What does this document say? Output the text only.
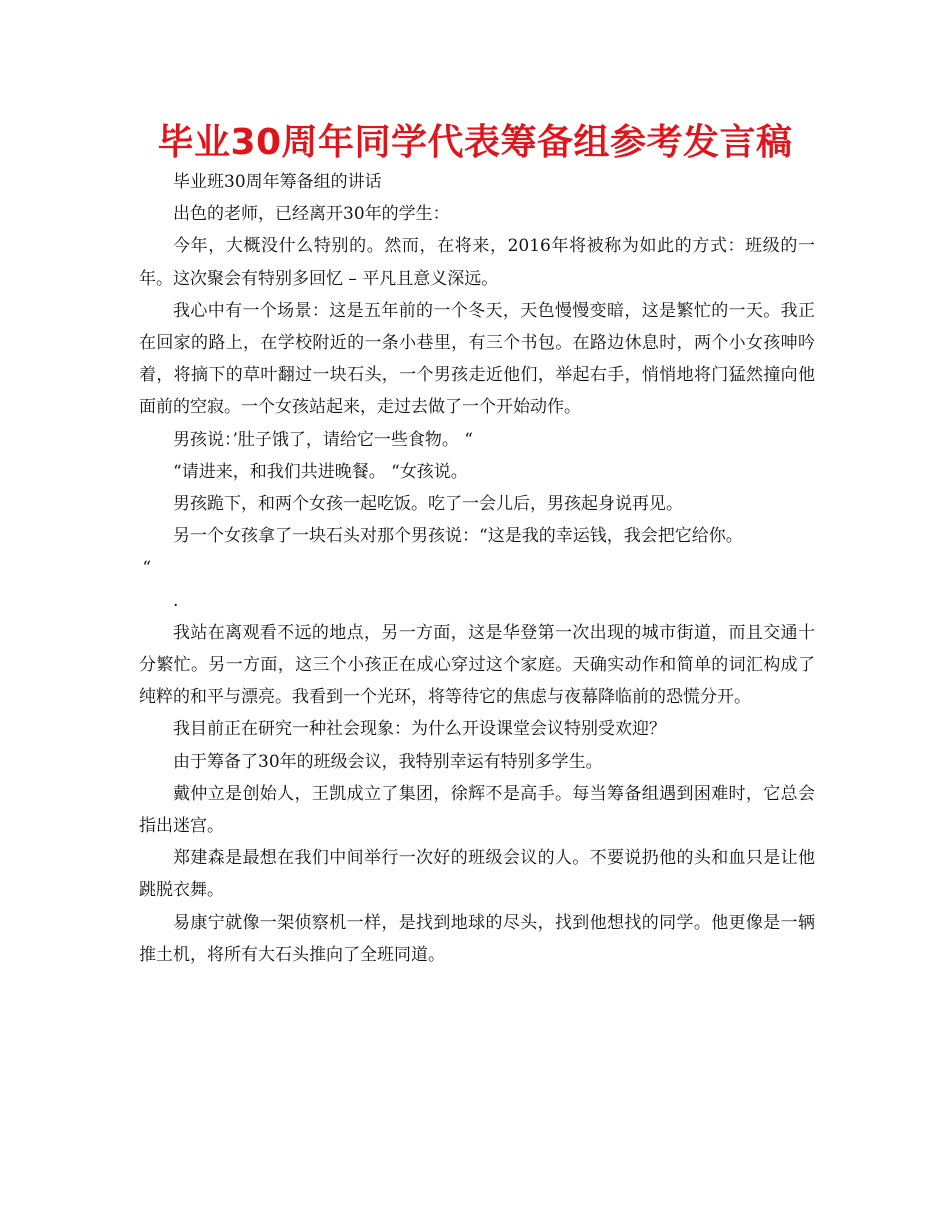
毕业30周年同学代表筹备组参考发言稿

毕业班30周年筹备组的讲话

出色的老师，已经离开30年的学生：

今年，大概没什么特别的。然而，在将来，2016年将被称为如此的方式：班级的一年。这次聚会有特别多回忆 – 平凡且意义深远。

我心中有一个场景：这是五年前的一个冬天，天色慢慢变暗，这是繁忙的一天。我正在回家的路上，在学校附近的一条小巷里，有三个书包。在路边休息时，两个小女孩呻吟着，将摘下的草叶翻过一块石头，一个男孩走近他们，举起右手，悄悄地将门猛然撞向他面前的空寂。一个女孩站起来，走过去做了一个开始动作。

男孩说：’肚子饿了，请给它一些食物。 “

“请进来，和我们共进晚餐。 “女孩说。

男孩跪下，和两个女孩一起吃饭。吃了一会儿后，男孩起身说再见。

另一个女孩拿了一块石头对那个男孩说：“这是我的幸运钱，我会把它给你。

“

.

我站在离观看不远的地点，另一方面，这是华登第一次出现的城市街道，而且交通十分繁忙。另一方面，这三个小孩正在成心穿过这个家庭。天确实动作和简单的词汇构成了纯粹的和平与漂亮。我看到一个光环，将等待它的焦虑与夜幕降临前的恐慌分开。

我目前正在研究一种社会现象：为什么开设课堂会议特别受欢迎？

由于筹备了30年的班级会议，我特别幸运有特别多学生。

戴仲立是创始人，王凯成立了集团，徐辉不是高手。每当筹备组遇到困难时，它总会指出迷宫。

郑建森是最想在我们中间举行一次好的班级会议的人。不要说扔他的头和血只是让他跳脱衣舞。

易康宁就像一架侦察机一样，是找到地球的尽头，找到他想找的同学。他更像是一辆推土机，将所有大石头推向了全班同道。
